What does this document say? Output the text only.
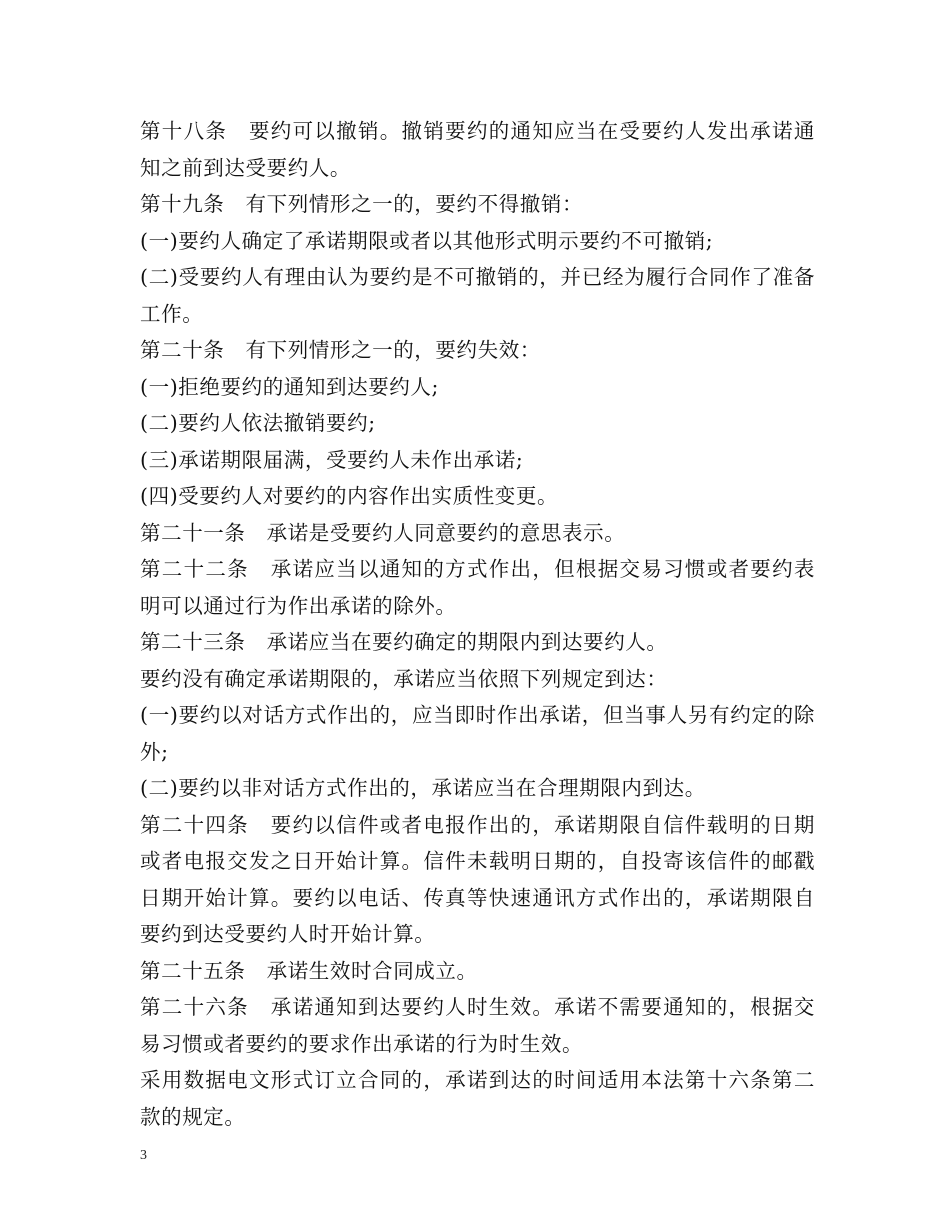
第十八条　要约可以撤销。撤销要约的通知应当在受要约人发出承诺通知之前到达受要约人。

第十九条　有下列情形之一的，要约不得撤销：

(一)要约人确定了承诺期限或者以其他形式明示要约不可撤销;

(二)受要约人有理由认为要约是不可撤销的，并已经为履行合同作了准备工作。

第二十条　有下列情形之一的，要约失效：

(一)拒绝要约的通知到达要约人;

(二)要约人依法撤销要约;

(三)承诺期限届满，受要约人未作出承诺;

(四)受要约人对要约的内容作出实质性变更。

第二十一条　承诺是受要约人同意要约的意思表示。

第二十二条　承诺应当以通知的方式作出，但根据交易习惯或者要约表明可以通过行为作出承诺的除外。

第二十三条　承诺应当在要约确定的期限内到达要约人。

要约没有确定承诺期限的，承诺应当依照下列规定到达：

(一)要约以对话方式作出的，应当即时作出承诺，但当事人另有约定的除外;

(二)要约以非对话方式作出的，承诺应当在合理期限内到达。

第二十四条　要约以信件或者电报作出的，承诺期限自信件载明的日期或者电报交发之日开始计算。信件未载明日期的，自投寄该信件的邮戳日期开始计算。要约以电话、传真等快速通讯方式作出的，承诺期限自要约到达受要约人时开始计算。

第二十五条　承诺生效时合同成立。

第二十六条　承诺通知到达要约人时生效。承诺不需要通知的，根据交易习惯或者要约的要求作出承诺的行为时生效。

采用数据电文形式订立合同的，承诺到达的时间适用本法第十六条第二款的规定。

3
